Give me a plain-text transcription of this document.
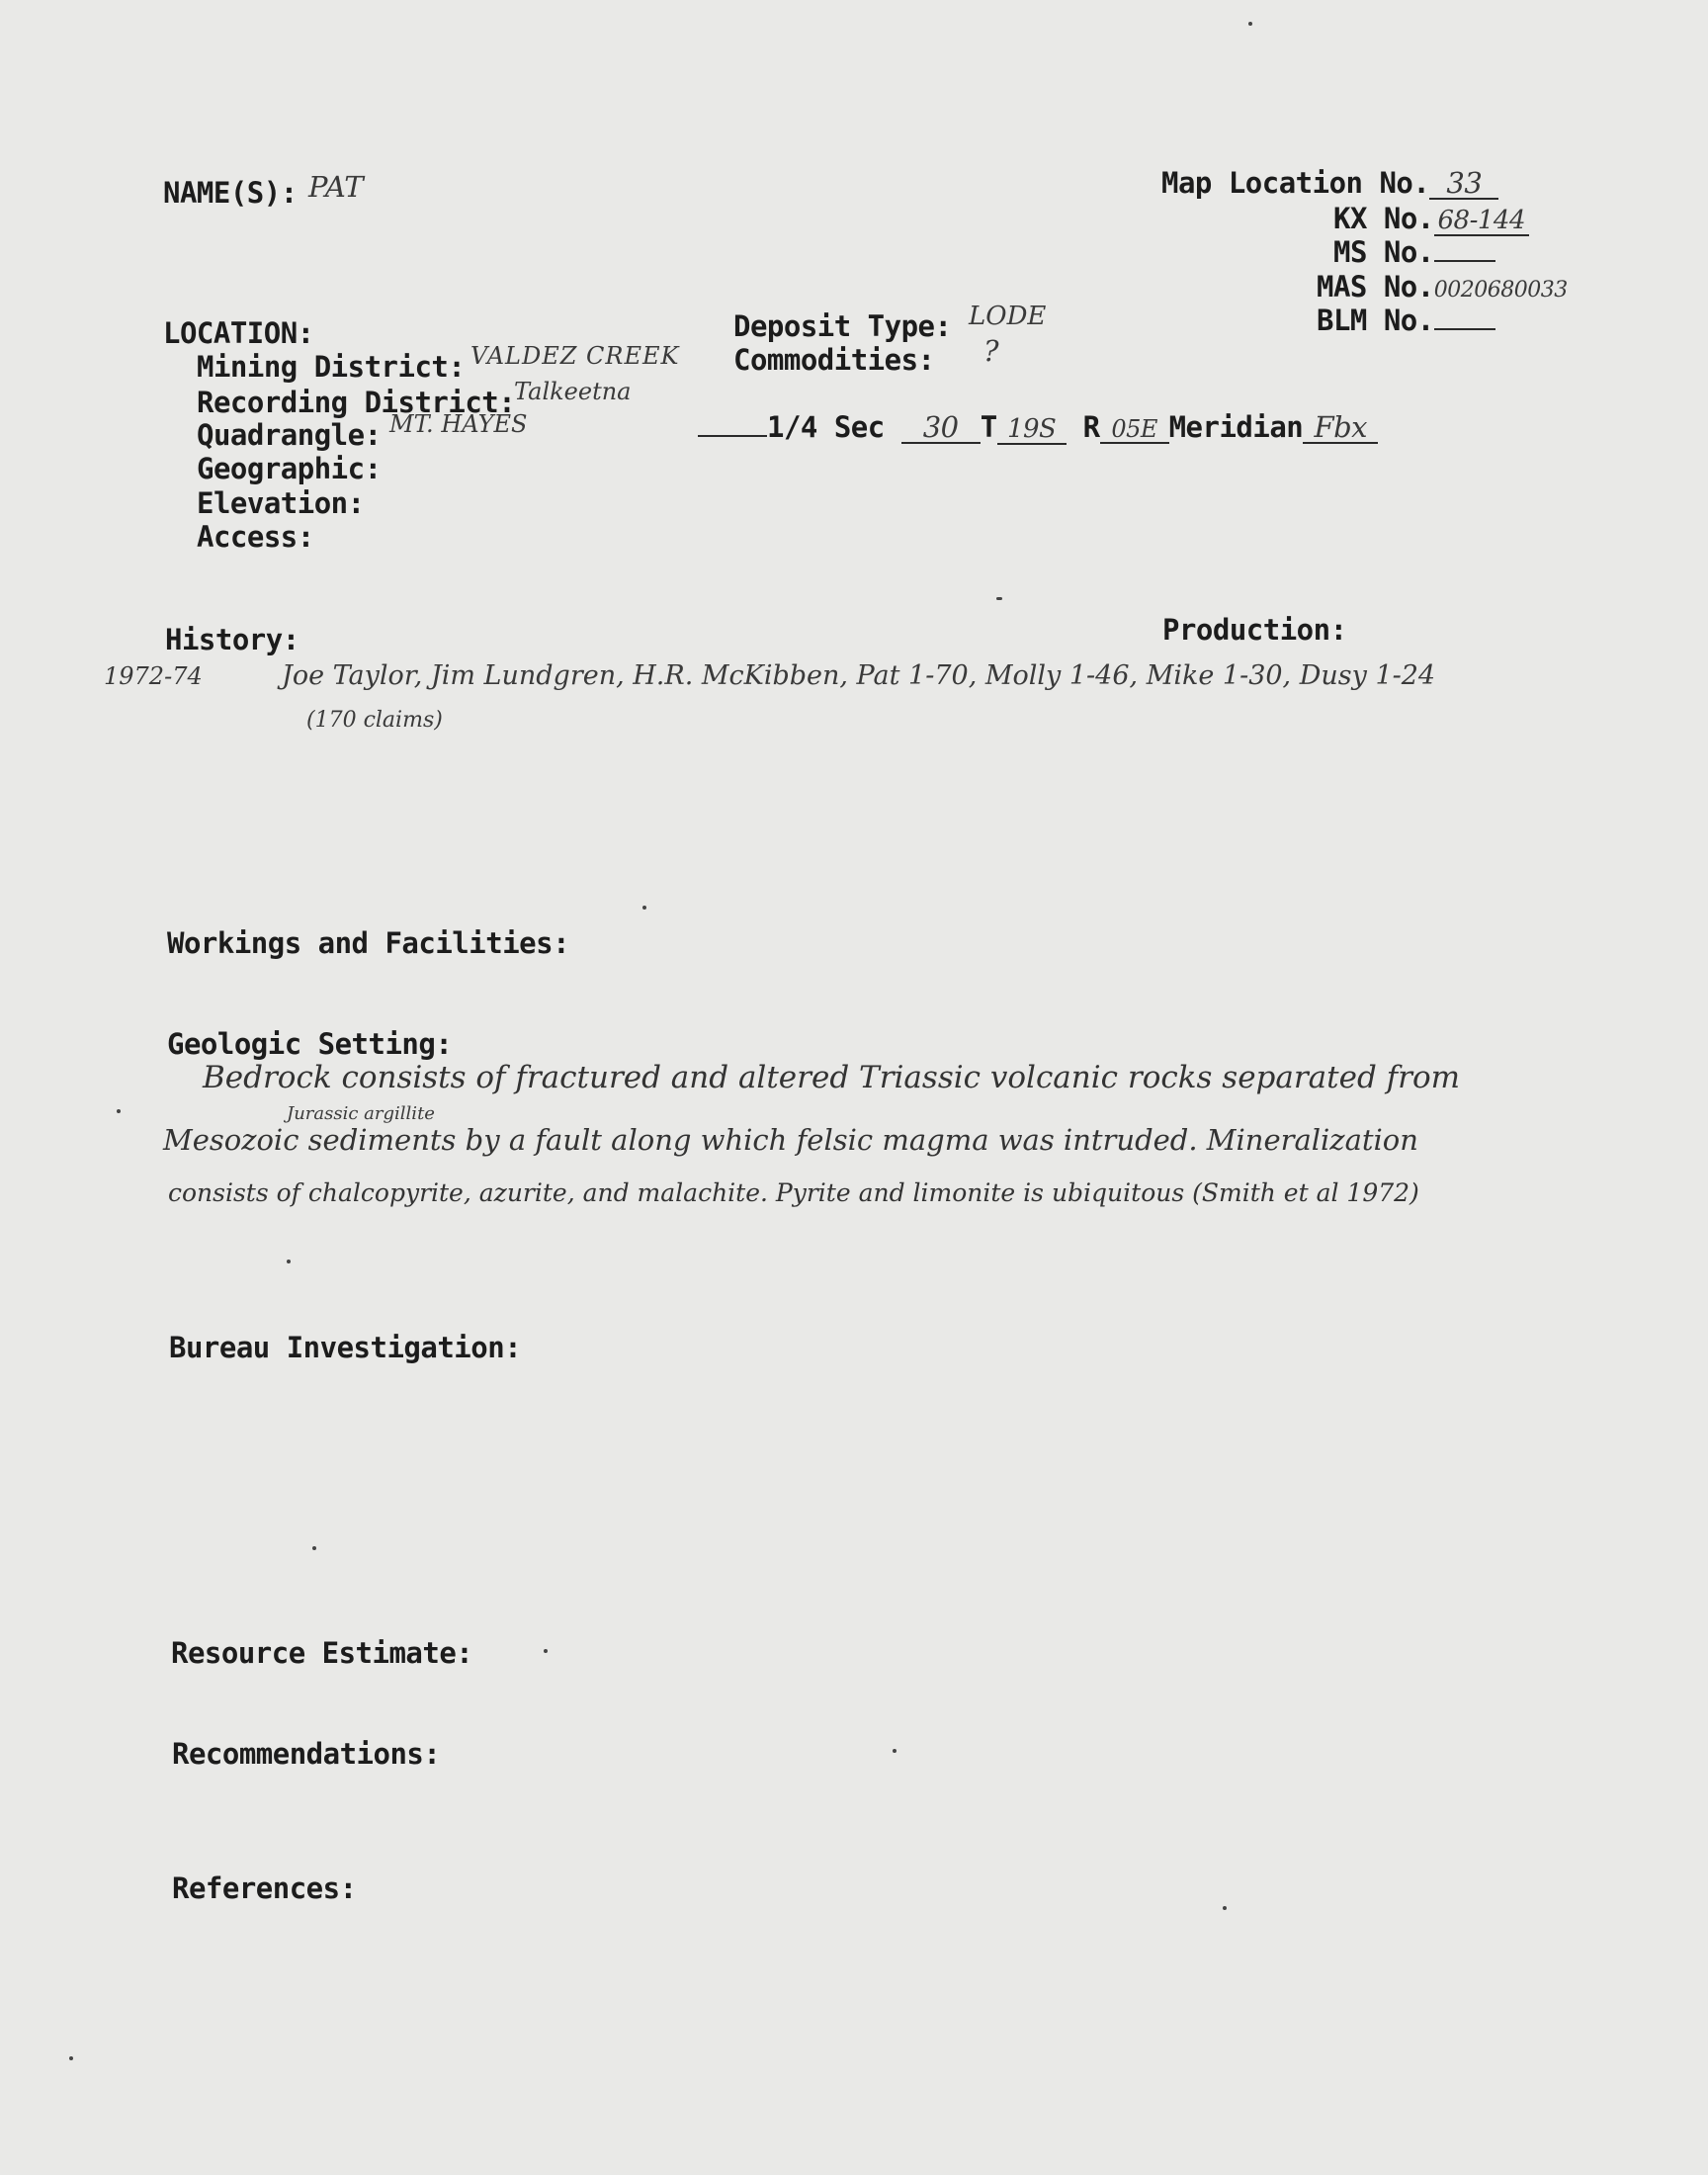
NAME(S): PAT	Map Location No. 33
KX No. 68-144
MS No.
MAS No.0020680033
BLM No.
LOCATION:
Mining District: VALDEZ CREEK
Recording District:
Talkeetna
Quadrangle: MT. HAYES
Geographic:
Elevation:
Access:
Deposit Type: LODE
Commodities: ?
1/4 Sec 30 T 19S R 05E Meridian Fbx
History:	Production:
1972-74	Joe Taylor, Jim Lundgren, H.R. McKibben, Pat 1-70, Molly 1-46, Mike 1-30, Dusy 1-24
(170 claims)
Workings and Facilities:
Geologic Setting:
Jurassic argillite
Bedrock consists of fractured and altered Triassic volcanic rocks separated from
Mesozoic sediments by a fault along which felsic magma was intruded. Mineralization
consists of chalcopyrite, azurite, and malachite. Pyrite and limonite is ubiquitous (Smith et al 1972)
Bureau Investigation:
Resource Estimate:
Recommendations:
References:
